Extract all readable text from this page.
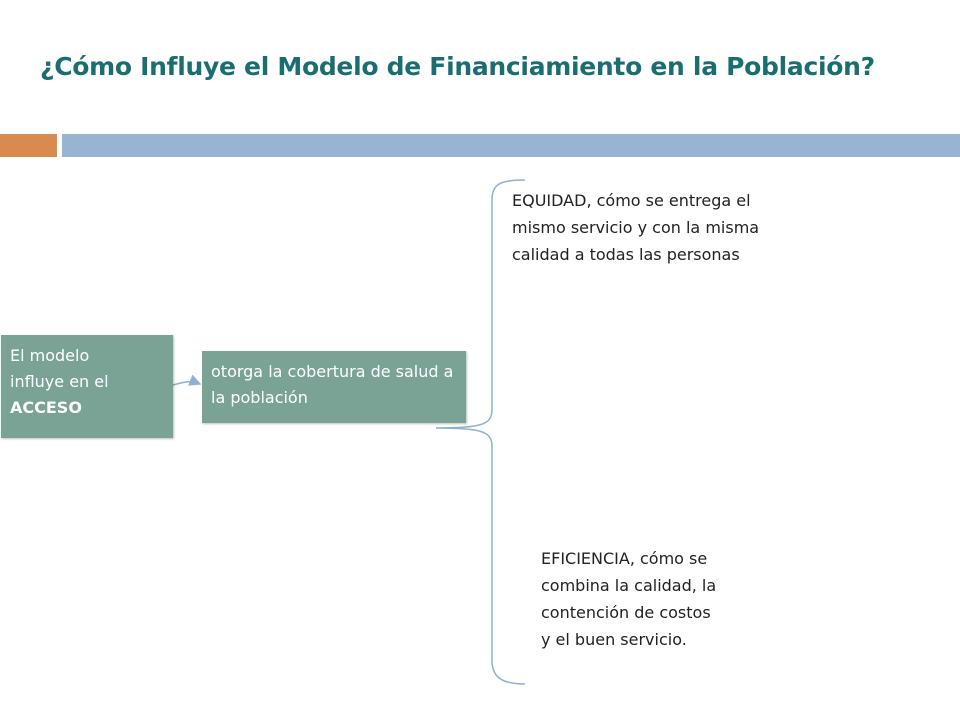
¿Cómo Influye el Modelo de Financiamiento en la Población?
El modelo
influye en el
ACCESO
otorga la cobertura de salud a la población
EQUIDAD, cómo se entrega el mismo servicio y con la misma calidad a todas las personas
EFICIENCIA, cómo se combina la calidad, la contención de costos y el buen servicio.
